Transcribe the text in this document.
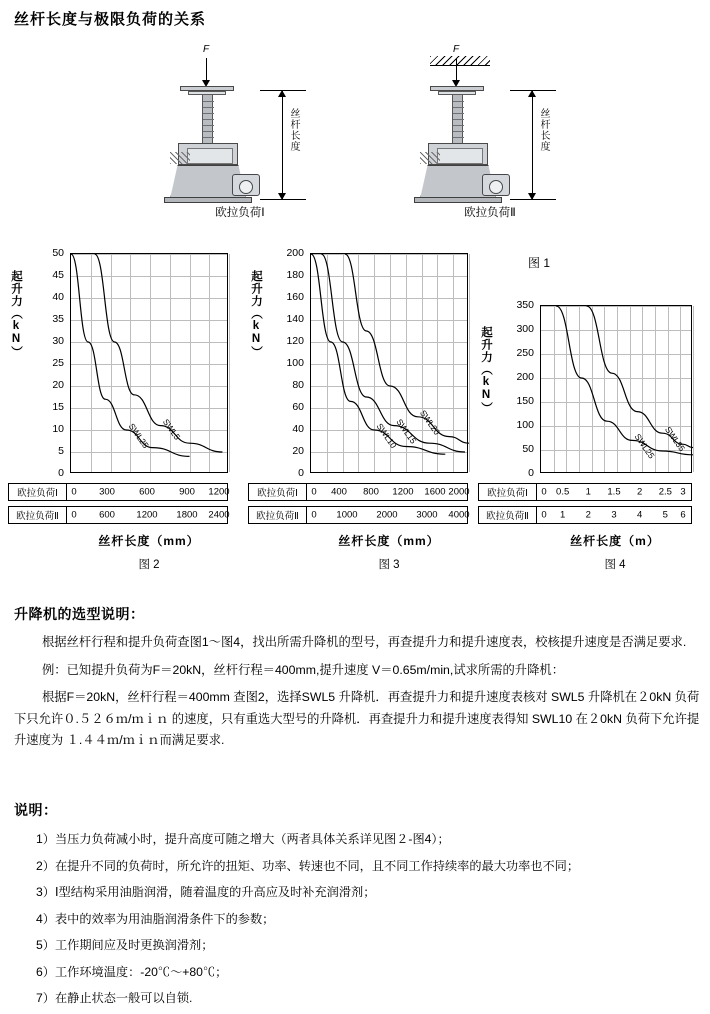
丝杆长度与极限负荷的关系
F
丝杆长度
欧拉负荷Ⅰ
F
丝杆长度
欧拉负荷Ⅱ
图 1
起升力（kN）
SWL25 SWL5
欧拉负荷Ⅰ	0 300	600	900 1200
欧拉负荷Ⅱ	0 600 1200 1800 2400
丝杆长度（mm）
图 2
0
5
10
15
20
25
30
35
40
45
50
起升力（kN）
SWL10
SWL15 SWL20
欧拉负荷Ⅰ	0 400 800 1200 1600 2000
欧拉负荷Ⅱ	0 1000 2000 3000 4000
丝杆长度（mm）
图 3
0
20
40
60
80
100
120
140
160
180
200
起升力（kN）
SWL25 SWL35
欧拉负荷Ⅰ	0 0.5 1 1.5 2 2.5 3
欧拉负荷Ⅱ	0 1 2 3 4 5 6
丝杆长度（m）
图 4
0
50
100
150
200
250
300
350
升降机的选型说明：

根据丝杆行程和提升负荷查图1～图4，找出所需升降机的型号，再查提升力和提升速度表，校核提升速度是否满足要求.

例：已知提升负荷为F＝20kN，丝杆行程＝400mm,提升速度 V＝0.65m/min,试求所需的升降机：

根据F＝20kN，丝杆行程＝400mm 查图2，选择SWL5 升降机．再查提升力和提升速度表核对 SWL5 升降机在２0kN 负荷下只允许０.５２６ｍ/ｍｉｎ 的速度，只有重选大型号的升降机．再查提升力和提升速度表得知 SWL10 在２0kN 负荷下允许提升速度为 １.４４ｍ/ｍｉｎ而满足要求.

说明：

1）当压力负荷减小时，提升高度可随之增大（两者具体关系详见图２‐图4）；

2）在提升不同的负荷时，所允许的扭矩、功率、转速也不同，且不同工作持续率的最大功率也不同；

3）Ⅰ型结构采用油脂润滑，随着温度的升高应及时补充润滑剂；

4）表中的效率为用油脂润滑条件下的参数；

5）工作期间应及时更换润滑剂；

6）工作环境温度：-20℃～+80℃；

7）在静止状态一般可以自锁.
